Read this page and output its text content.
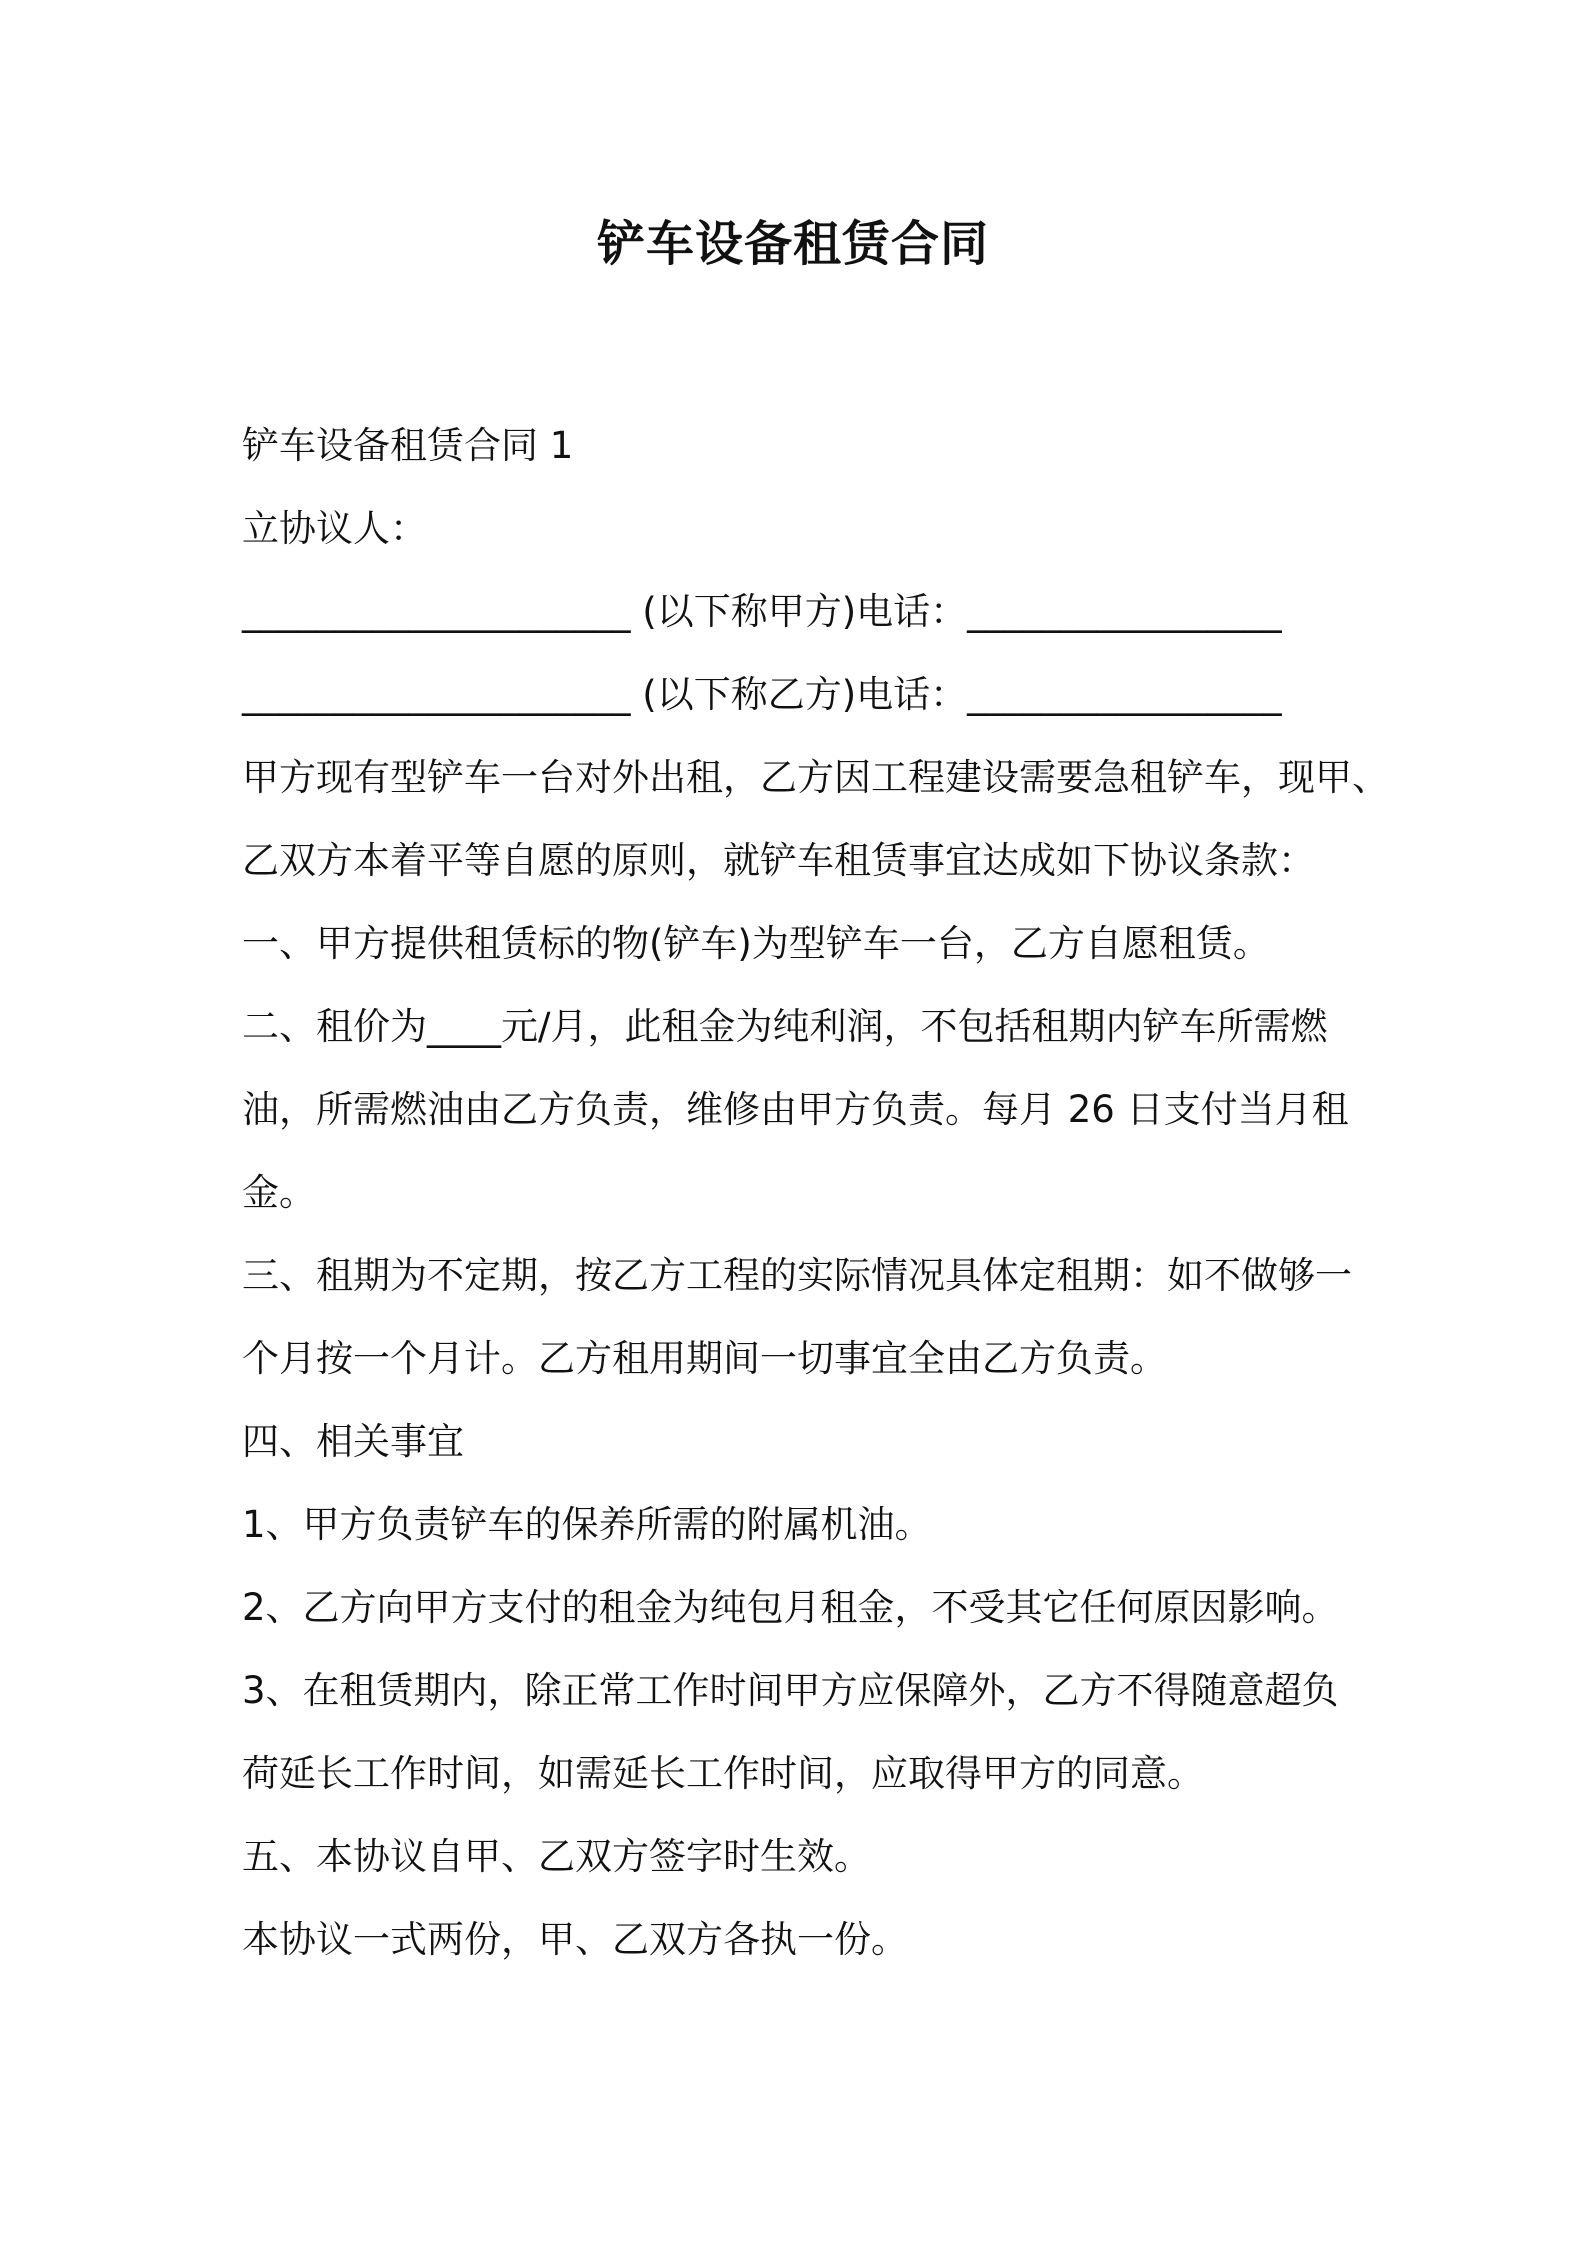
铲车设备租赁合同
铲车设备租赁合同 1
立协议人：
_____________________ (以下称甲方)电话：_________________
_____________________ (以下称乙方)电话：_________________
甲方现有型铲车一台对外出租，乙方因工程建设需要急租铲车，现甲、
乙双方本着平等自愿的原则，就铲车租赁事宜达成如下协议条款：
一、甲方提供租赁标的物(铲车)为型铲车一台，乙方自愿租赁。
二、租价为____元/月，此租金为纯利润，不包括租期内铲车所需燃
油，所需燃油由乙方负责，维修由甲方负责。每月 26 日支付当月租
金。
三、租期为不定期，按乙方工程的实际情况具体定租期：如不做够一
个月按一个月计。乙方租用期间一切事宜全由乙方负责。
四、相关事宜
1、甲方负责铲车的保养所需的附属机油。
2、乙方向甲方支付的租金为纯包月租金，不受其它任何原因影响。
3、在租赁期内，除正常工作时间甲方应保障外，乙方不得随意超负
荷延长工作时间，如需延长工作时间，应取得甲方的同意。
五、本协议自甲、乙双方签字时生效。
本协议一式两份，甲、乙双方各执一份。
